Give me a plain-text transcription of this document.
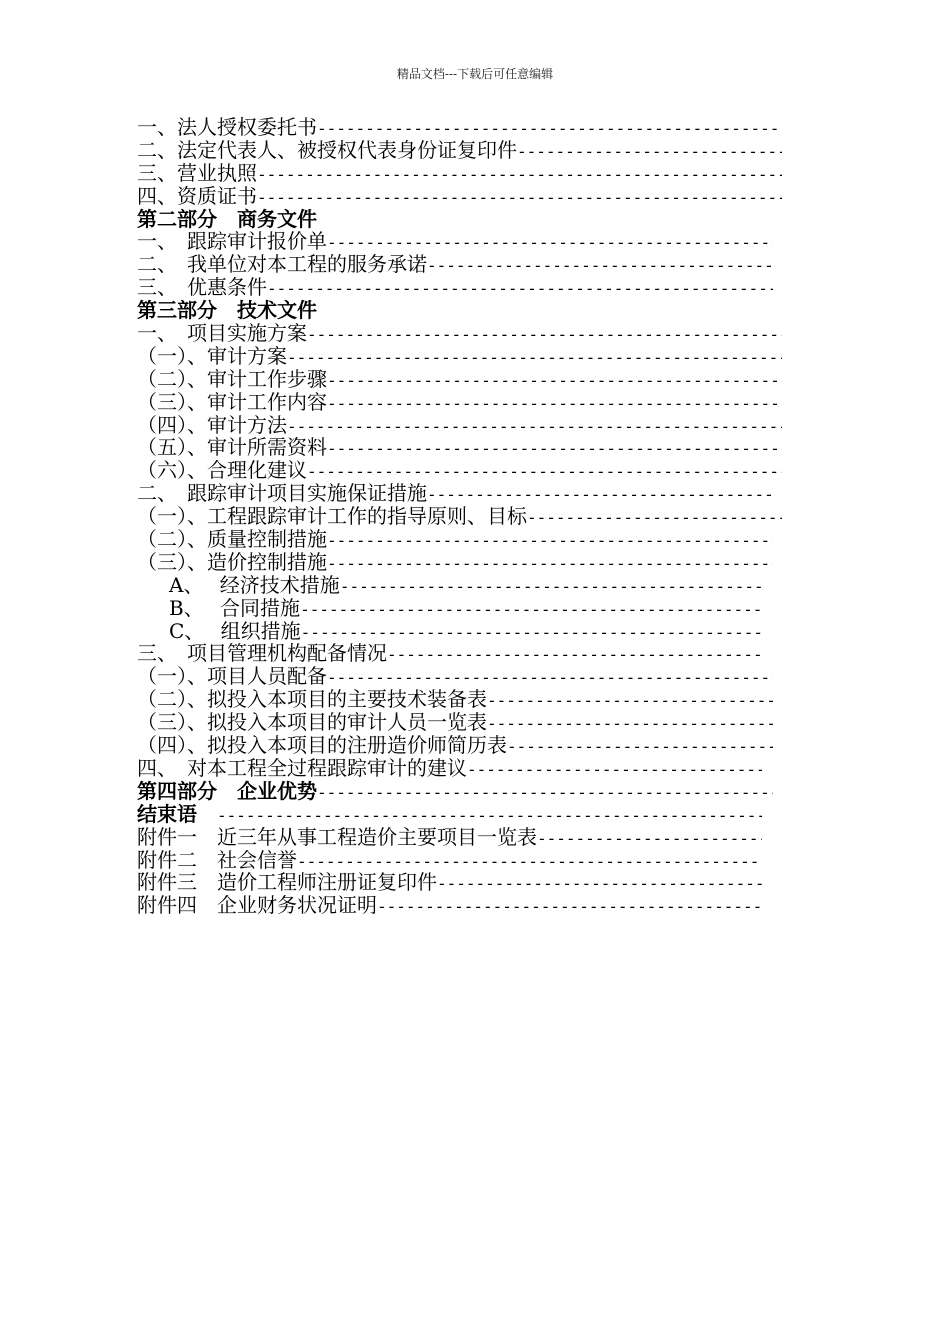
精品文档---下载后可任意编辑
一、法人授权委托书
-----
二、法定代表人、被授权代表身份证复印件
-----
三、营业执照
-----
四、资质证书
-----
第二部分　商务文件
一、　跟踪审计报价单
-----
二、　我单位对本工程的服务承诺
-----
三、　优惠条件
-----
第三部分　技术文件
一、　项目实施方案
-----
（一）、审计方案
-----
（二）、审计工作步骤
-----
（三）、审计工作内容
-----
（四）、审计方法
-----
（五）、审计所需资料
-----
（六）、合理化建议
-----
二、　跟踪审计项目实施保证措施
-----
（一）、工程跟踪审计工作的指导原则、目标
-----
（二）、质量控制措施
-----
（三）、造价控制措施
-----
A、　 经济技术措施
-----
B、　 合同措施
-----
C、　 组织措施
-----
三、　项目管理机构配备情况
-----
（一）、项目人员配备
-----
（二）、拟投入本项目的主要技术装备表
-----
（三）、拟投入本项目的审计人员一览表
-----
（四）、拟投入本项目的注册造价师简历表
-----
四、　对本工程全过程跟踪审计的建议
-----
第四部分　企业优势
-----
结束语　
-----
附件一　近三年从事工程造价主要项目一览表
-----
附件二　社会信誉
-----
附件三　造价工程师注册证复印件
-----
附件四　企业财务状况证明
-----
